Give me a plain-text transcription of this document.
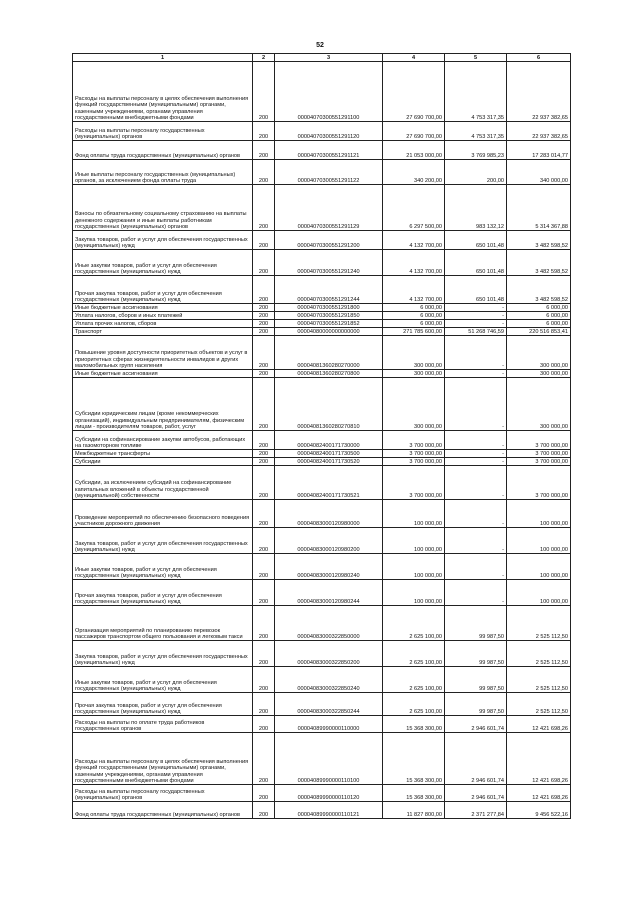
52
1	2	3	4	5	6
Расходы на выплаты персоналу в целях обеспечения выполнения функций государственными (муниципальными) органами, казенными учреждениями, органами управления государственными внебюджетными фондами	200	00004070300551291100	27 690 700,00	4 753 317,35	22 937 382,65
Расходы на выплаты персоналу государственных (муниципальных) органов	200	00004070300551291120	27 690 700,00	4 753 317,35	22 937 382,65
Фонд оплаты труда государственных (муниципальных) органов	200	00004070300551291121	21 053 000,00	3 769 985,23	17 283 014,77
Иные выплаты персоналу государственных (муниципальных) органов, за исключением фонда оплаты труда	200	00004070300551291122	340 200,00	200,00	340 000,00
Взносы по обязательному социальному страхованию на выплаты денежного содержания и иные выплаты работникам государственных (муниципальных) органов	200	00004070300551291129	6 297 500,00	983 132,12	5 314 367,88
Закупка товаров, работ и услуг для обеспечения государственных (муниципальных) нужд	200	00004070300551291200	4 132 700,00	650 101,48	3 482 598,52
Иные закупки товаров, работ и услуг для обеспечения государственных (муниципальных) нужд	200	00004070300551291240	4 132 700,00	650 101,48	3 482 598,52
Прочая закупка товаров, работ и услуг для обеспечения государственных (муниципальных) нужд	200	00004070300551291244	4 132 700,00	650 101,48	3 482 598,52
Иные бюджетные ассигнования	200	00004070300551291800	6 000,00	-	6 000,00
Уплата налогов, сборов и иных платежей	200	00004070300551291850	6 000,00	-	6 000,00
Уплата прочих налогов, сборов	200	00004070300551291852	6 000,00	-	6 000,00
Транспорт	200	00004080000000000000	271 785 600,00	51 268 746,59	220 516 853,41
Повышение уровня доступности приоритетных объектов и услуг в приоритетных сферах жизнедеятельности инвалидов и других маломобильных групп населения	200	00004081360280270000	300 000,00	-	300 000,00
Иные бюджетные ассигнования	200	00004081360280270800	300 000,00	-	300 000,00
Субсидии юридическим лицам (кроме некоммерческих организаций), индивидуальным предпринимателям, физическим лицам - производителям товаров, работ, услуг	200	00004081360280270810	300 000,00	-	300 000,00
Субсидии на софинансирование закупки автобусов, работающих на газомоторном топливе	200	00004082400171730000	3 700 000,00	-	3 700 000,00
Межбюджетные трансферты	200	00004082400171730500	3 700 000,00	-	3 700 000,00
Субсидии	200	00004082400171730520	3 700 000,00	-	3 700 000,00
Субсидии, за исключением субсидий на софинансирование капитальных вложений в объекты государственной (муниципальной) собственности	200	00004082400171730521	3 700 000,00	-	3 700 000,00
Проведение мероприятий по обеспечению безопасного поведения участников дорожного движения	200	00004083000120980000	100 000,00	-	100 000,00
Закупка товаров, работ и услуг для обеспечения государственных (муниципальных) нужд	200	00004083000120980200	100 000,00	-	100 000,00
Иные закупки товаров, работ и услуг для обеспечения государственных (муниципальных) нужд	200	00004083000120980240	100 000,00	-	100 000,00
Прочая закупка товаров, работ и услуг для обеспечения государственных (муниципальных) нужд	200	00004083000120980244	100 000,00	-	100 000,00
Организация мероприятий по планированию перевозок пассажиров транспортом общего пользования и легковым такси	200	00004083000322850000	2 625 100,00	99 987,50	2 525 112,50
Закупка товаров, работ и услуг для обеспечения государственных (муниципальных) нужд	200	00004083000322850200	2 625 100,00	99 987,50	2 525 112,50
Иные закупки товаров, работ и услуг для обеспечения государственных (муниципальных) нужд	200	00004083000322850240	2 625 100,00	99 987,50	2 525 112,50
Прочая закупка товаров, работ и услуг для обеспечения государственных (муниципальных) нужд	200	00004083000322850244	2 625 100,00	99 987,50	2 525 112,50
Расходы на выплаты по оплате труда работников государственных органов	200	00004089990000110000	15 368 300,00	2 946 601,74	12 421 698,26
Расходы на выплаты персоналу в целях обеспечения выполнения функций государственными (муниципальными) органами, казенными учреждениями, органами управления государственными внебюджетными фондами	200	00004089990000110100	15 368 300,00	2 946 601,74	12 421 698,26
Расходы на выплаты персоналу государственных (муниципальных) органов	200	00004089990000110120	15 368 300,00	2 946 601,74	12 421 698,26
Фонд оплаты труда государственных (муниципальных) органов	200	00004089990000110121	11 827 800,00	2 371 277,84	9 456 522,16
